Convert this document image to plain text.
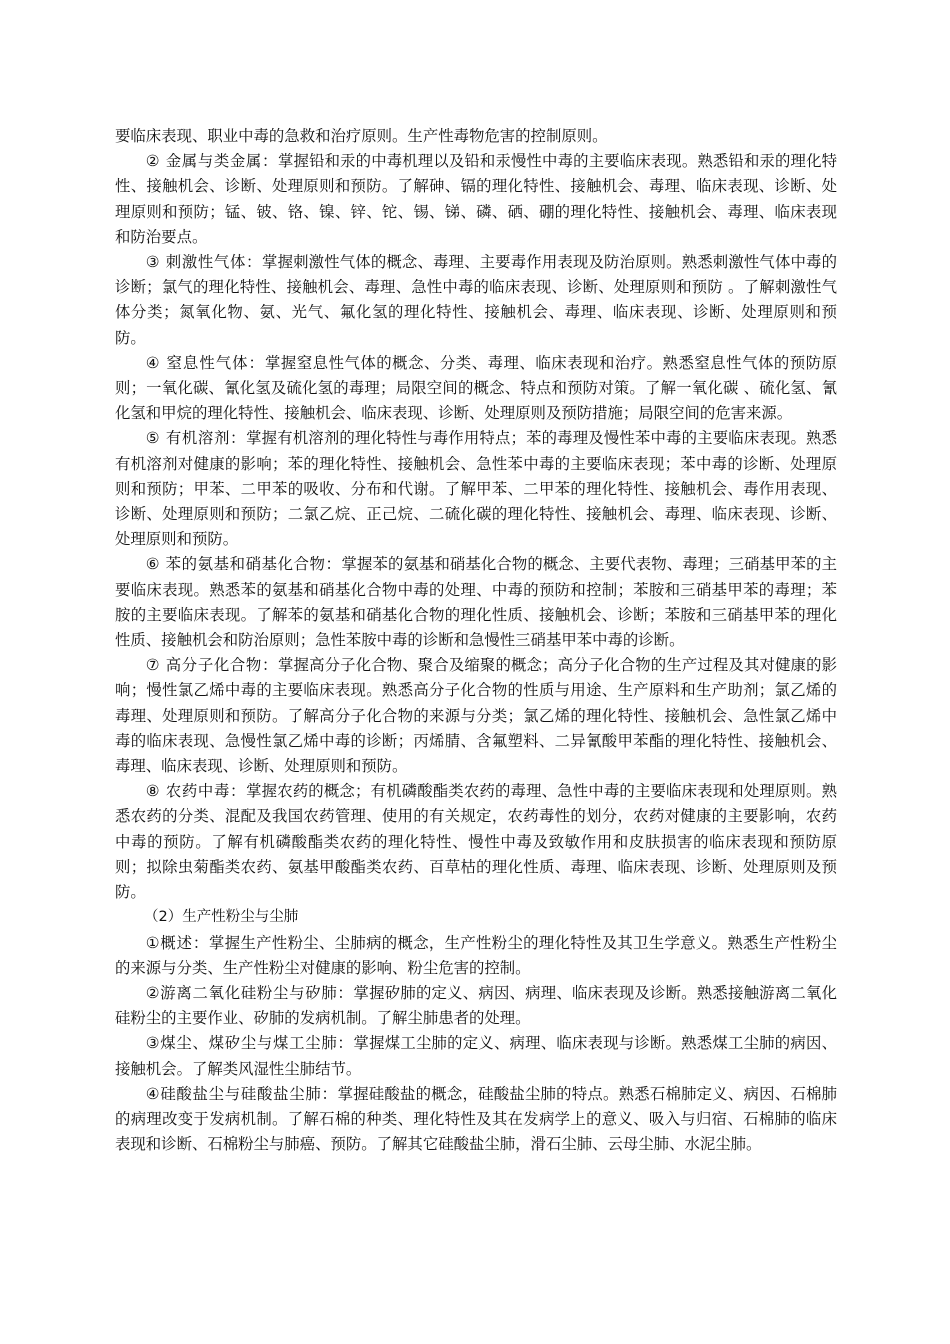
要临床表现、职业中毒的急救和治疗原则。生产性毒物危害的控制原则。

② 金属与类金属：掌握铅和汞的中毒机理以及铅和汞慢性中毒的主要临床表现。熟悉铅和汞的理化特性、接触机会、诊断、处理原则和预防。了解砷、镉的理化特性、接触机会、毒理、临床表现、诊断、处理原则和预防；锰、铍、铬、镍、锌、铊、锡、锑、磷、硒、硼的理化特性、接触机会、毒理、临床表现和防治要点。

③ 刺激性气体：掌握刺激性气体的概念、毒理、主要毒作用表现及防治原则。熟悉刺激性气体中毒的诊断；氯气的理化特性、接触机会、毒理、急性中毒的临床表现、诊断、处理原则和预防 。了解刺激性气体分类；氮氧化物、氨、光气、氟化氢的理化特性、接触机会、毒理、临床表现、诊断、处理原则和预防。

④ 窒息性气体：掌握窒息性气体的概念、分类、毒理、临床表现和治疗。熟悉窒息性气体的预防原则；一氧化碳、氰化氢及硫化氢的毒理；局限空间的概念、特点和预防对策。了解一氧化碳 、硫化氢、氰化氢和甲烷的理化特性、接触机会、临床表现、诊断、处理原则及预防措施；局限空间的危害来源。

⑤ 有机溶剂：掌握有机溶剂的理化特性与毒作用特点；苯的毒理及慢性苯中毒的主要临床表现。熟悉有机溶剂对健康的影响；苯的理化特性、接触机会、急性苯中毒的主要临床表现；苯中毒的诊断、处理原则和预防；甲苯、二甲苯的吸收、分布和代谢。了解甲苯、二甲苯的理化特性、接触机会、毒作用表现、诊断、处理原则和预防；二氯乙烷、正己烷、二硫化碳的理化特性、接触机会、毒理、临床表现、诊断、处理原则和预防。

⑥ 苯的氨基和硝基化合物：掌握苯的氨基和硝基化合物的概念、主要代表物、毒理；三硝基甲苯的主要临床表现。熟悉苯的氨基和硝基化合物中毒的处理、中毒的预防和控制；苯胺和三硝基甲苯的毒理；苯胺的主要临床表现。了解苯的氨基和硝基化合物的理化性质、接触机会、诊断；苯胺和三硝基甲苯的理化性质、接触机会和防治原则；急性苯胺中毒的诊断和急慢性三硝基甲苯中毒的诊断。

⑦ 高分子化合物：掌握高分子化合物、聚合及缩聚的概念；高分子化合物的生产过程及其对健康的影响；慢性氯乙烯中毒的主要临床表现。熟悉高分子化合物的性质与用途、生产原料和生产助剂；氯乙烯的毒理、处理原则和预防。了解高分子化合物的来源与分类；氯乙烯的理化特性、接触机会、急性氯乙烯中毒的临床表现、急慢性氯乙烯中毒的诊断；丙烯腈、含氟塑料、二异氰酸甲苯酯的理化特性、接触机会、毒理、临床表现、诊断、处理原则和预防。

⑧ 农药中毒：掌握农药的概念；有机磷酸酯类农药的毒理、急性中毒的主要临床表现和处理原则。熟悉农药的分类、混配及我国农药管理、使用的有关规定，农药毒性的划分，农药对健康的主要影响，农药中毒的预防。了解有机磷酸酯类农药的理化特性、慢性中毒及致敏作用和皮肤损害的临床表现和预防原则；拟除虫菊酯类农药、氨基甲酸酯类农药、百草枯的理化性质、毒理、临床表现、诊断、处理原则及预防。

（2）生产性粉尘与尘肺

①概述：掌握生产性粉尘、尘肺病的概念，生产性粉尘的理化特性及其卫生学意义。熟悉生产性粉尘的来源与分类、生产性粉尘对健康的影响、粉尘危害的控制。

②游离二氧化硅粉尘与矽肺：掌握矽肺的定义、病因、病理、临床表现及诊断。熟悉接触游离二氧化硅粉尘的主要作业、矽肺的发病机制。了解尘肺患者的处理。

③煤尘、煤矽尘与煤工尘肺：掌握煤工尘肺的定义、病理、临床表现与诊断。熟悉煤工尘肺的病因、接触机会。了解类风湿性尘肺结节。

④硅酸盐尘与硅酸盐尘肺：掌握硅酸盐的概念，硅酸盐尘肺的特点。熟悉石棉肺定义、病因、石棉肺的病理改变于发病机制。了解石棉的种类、理化特性及其在发病学上的意义、吸入与归宿、石棉肺的临床表现和诊断、石棉粉尘与肺癌、预防。了解其它硅酸盐尘肺，滑石尘肺、云母尘肺、水泥尘肺。
